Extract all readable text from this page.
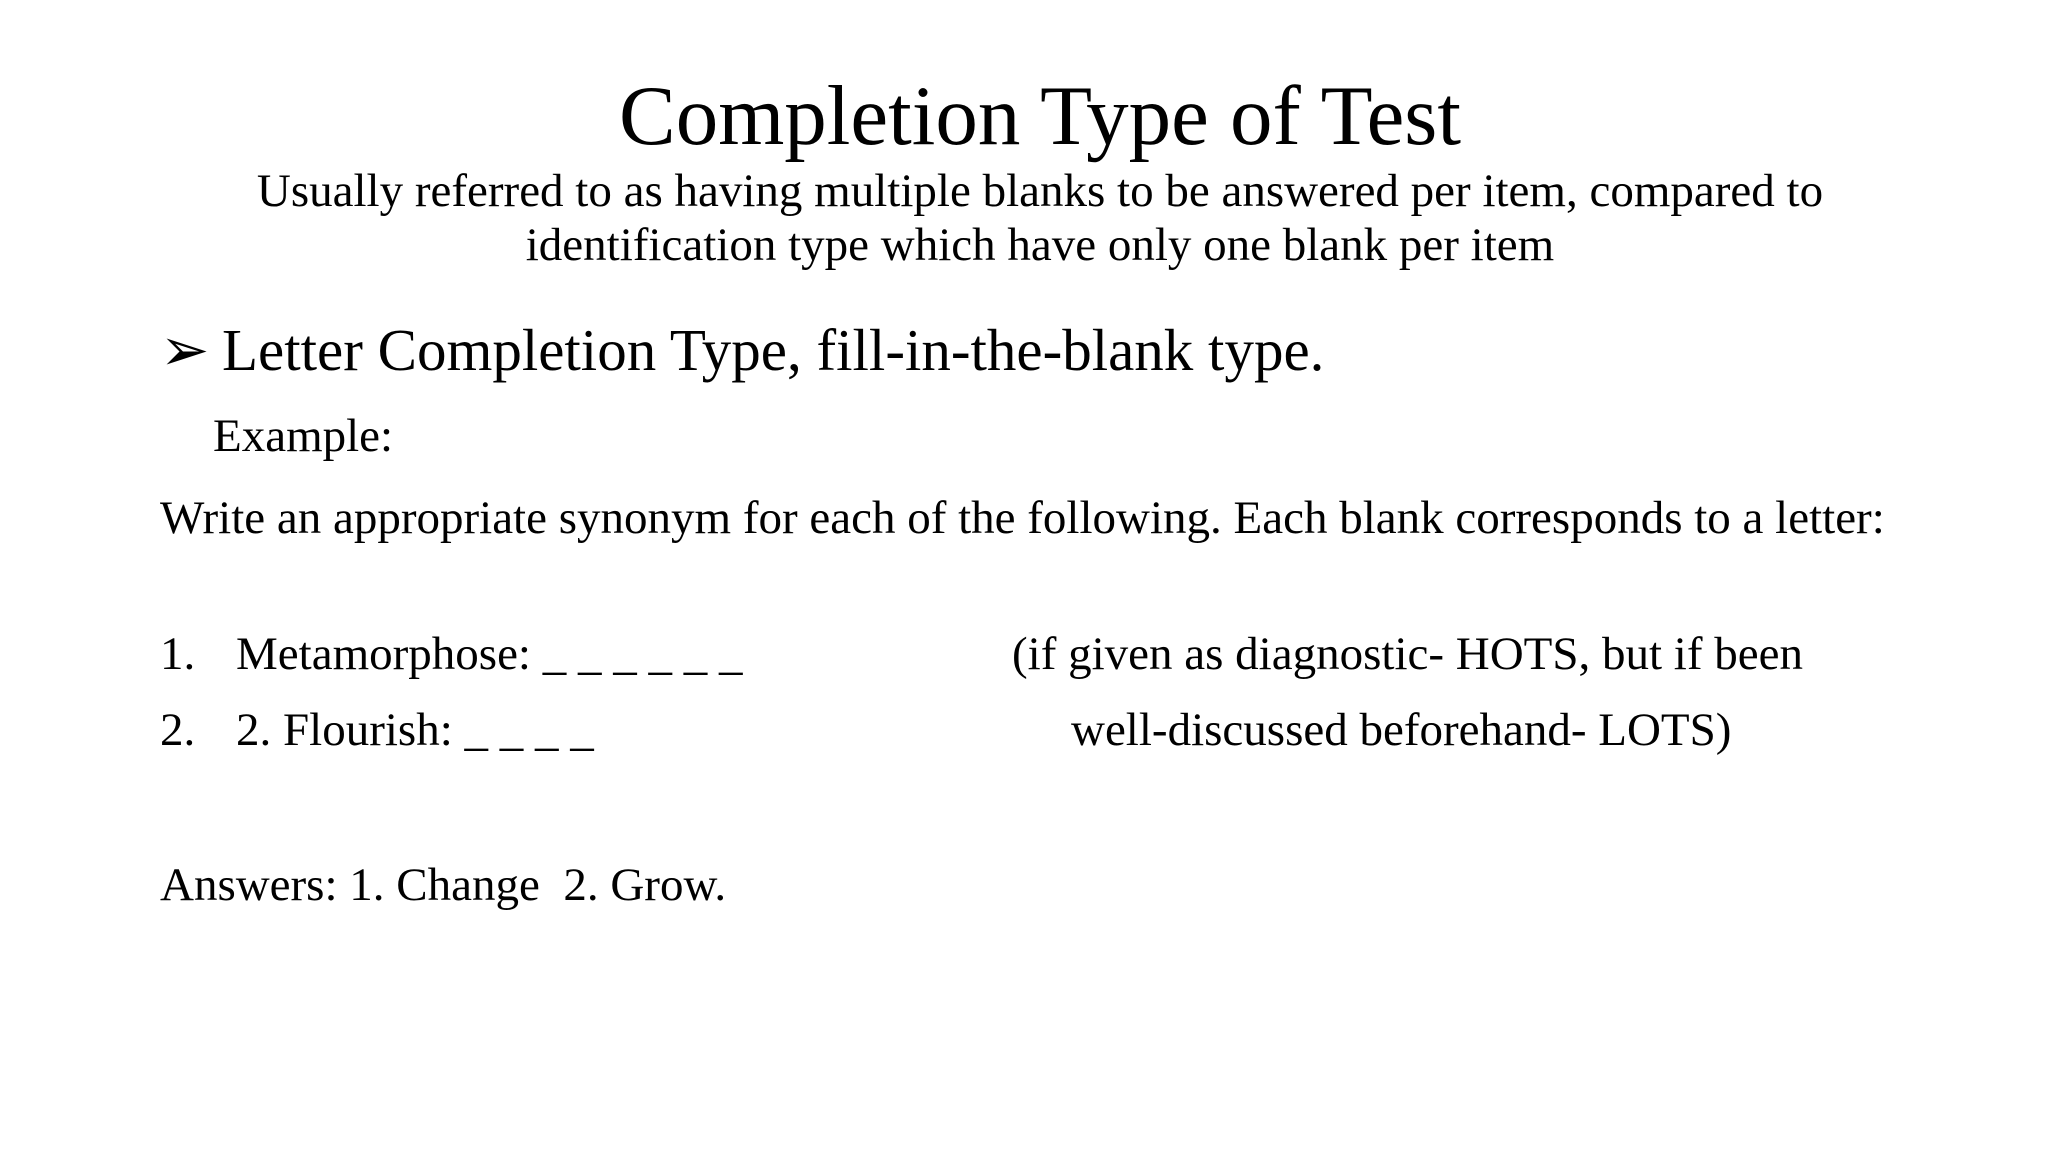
Completion Type of Test
Usually referred to as having multiple blanks to be answered per item, compared to
identification type which have only one blank per item
➢ Letter Completion Type, fill-in-the-blank type.
Example:
Write an appropriate synonym for each of the following. Each blank corresponds to a letter:
1. Metamorphose: _ _ _ _ _ _
2. 2. Flourish: _ _ _ _
(if given as diagnostic- HOTS, but if been
well-discussed beforehand- LOTS)
Answers: 1. Change  2. Grow.
